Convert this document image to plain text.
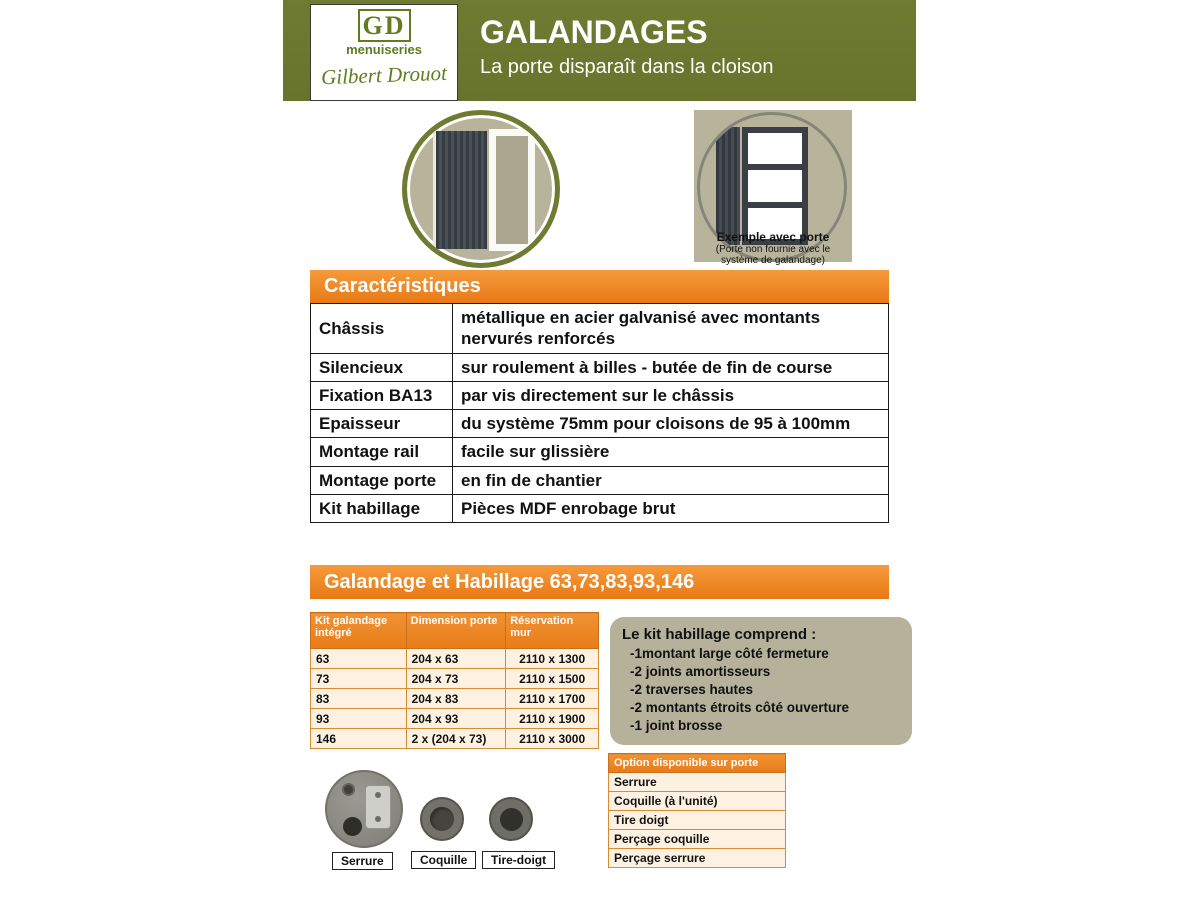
GD
menuiseries
Gilbert Drouot
GALANDAGES
La porte disparaît dans la cloison
Exemple avec porte
(Porte non fournie avec le
système de galandage)
Caractéristiques
Châssis	métallique en acier galvanisé avec montants nervurés renforcés
Silencieux	sur roulement à billes - butée de fin de course
Fixation BA13	par vis directement sur le châssis
Epaisseur	du système 75mm pour cloisons de 95 à 100mm
Montage rail	facile sur glissière
Montage porte	en fin de chantier
Kit habillage	Pièces MDF enrobage brut
Galandage et Habillage 63,73,83,93,146
Kit galandage intégré	Dimension porte	Réservation mur
63	204 x 63	2110 x 1300
73	204 x 73	2110 x 1500
83	204 x 83	2110 x 1700
93	204 x 93	2110 x 1900
146	2 x (204 x 73)	2110 x 3000
Le kit habillage comprend :
-1montant large côté fermeture
-2 joints amortisseurs
-2 traverses hautes
-2 montants étroits côté ouverture
-1 joint brosse
Serrure	Coquille	Tire-doigt
Option disponible sur porte
Serrure
Coquille (à l'unité)
Tire doigt
Perçage coquille
Perçage serrure
